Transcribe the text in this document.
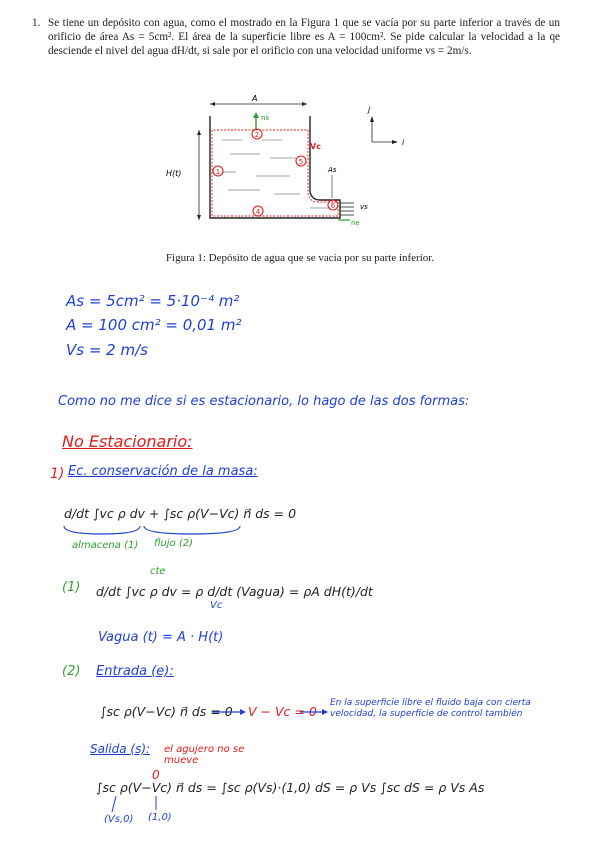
1. Se tiene un depósito con agua, como el mostrado en la Figura 1 que se vacía por su parte inferior a través de un orificio de área As = 5cm². El área de la superficie libre es A = 100cm². Se pide calcular la velocidad a la qe desciende el nivel del agua dH/dt, si sale por el orificio con una velocidad uniforme vs = 2m/s.
A
H(t)
ns
2
1
5
4
6
Vc
As
vs
ne
j
i
Figura 1: Depósito de agua que se vacía por su parte inferior.
As = 5cm² = 5·10⁻⁴ m²
A = 100 cm² = 0,01 m²
Vs = 2 m/s
Como no me dice si es estacionario, lo hago de las dos formas:
No Estacionario:
1) Ec. conservación de la masa:
d/dt ∫vc ρ dv + ∫sc ρ(V−Vc) n⃗ ds = 0
almacena (1) flujo (2)
cte
(1) d/dt ∫vc ρ dv = ρ d/dt (Vagua) = ρA dH(t)/dt
Vc
Vagua (t) = A · H(t)
(2) Entrada (e):
∫sc ρ(V−Vc) n⃗ ds = 0 V − Vc = 0
En la superficie libre el fluido baja con cierta velocidad, la superficie de control también
Salida (s): el agujero no se mueve
0
∫sc ρ(V−Vc) n⃗ ds = ∫sc ρ(Vs)·(1,0) dS = ρ Vs ∫sc dS = ρ Vs As
(Vs,0) (1,0)
